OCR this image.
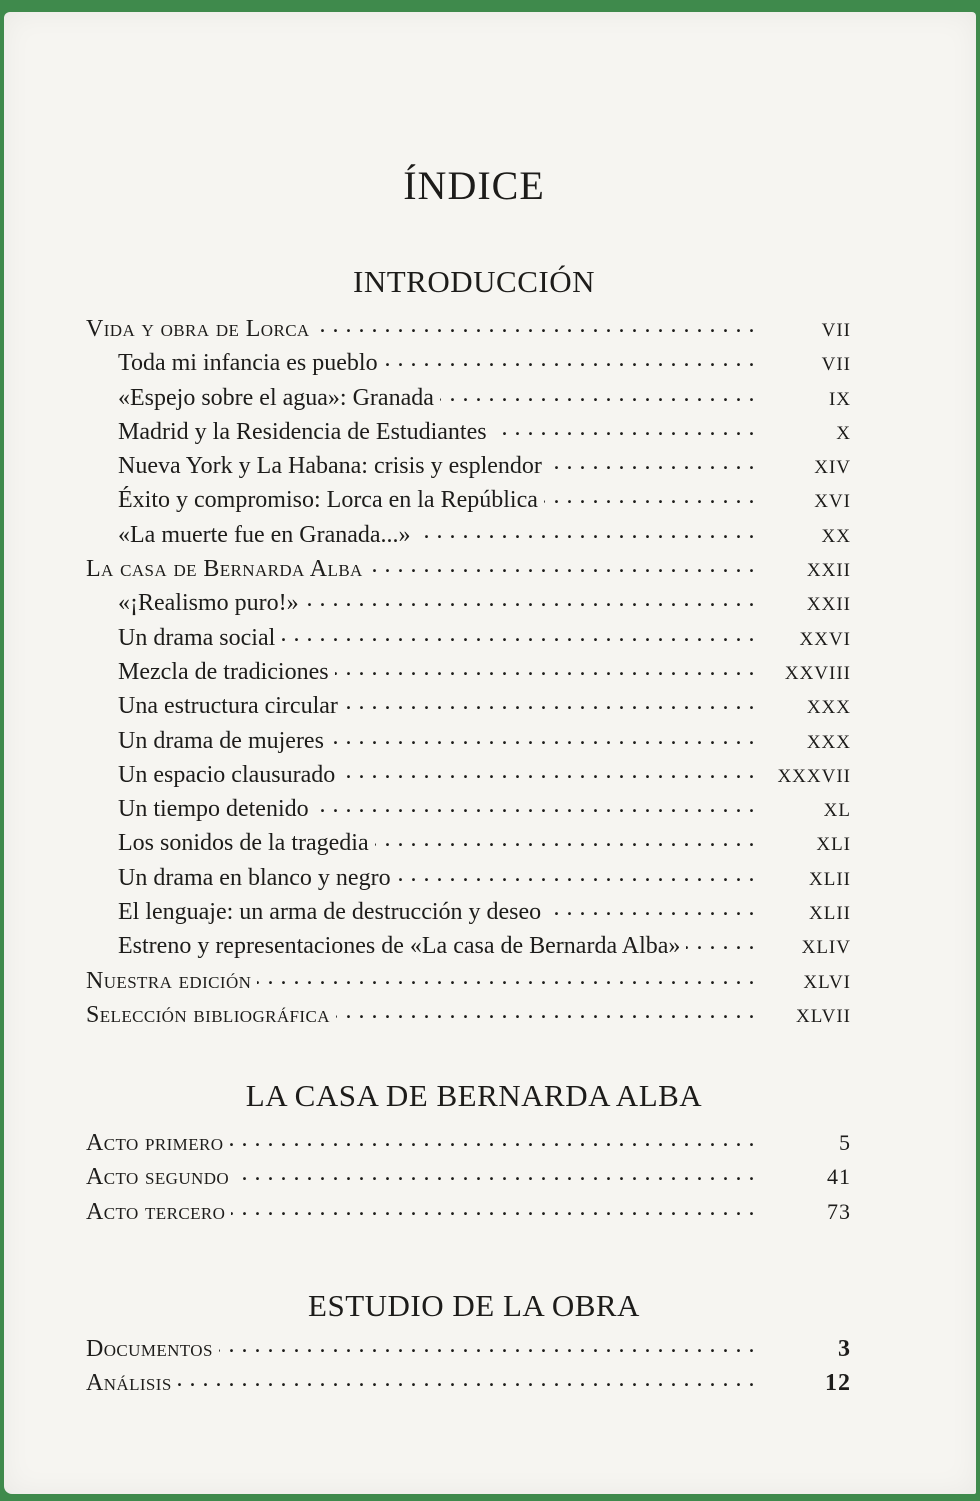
ÍNDICE
INTRODUCCIÓN
Vida y obra de Lorca . . .	VII
Toda mi infancia es pueblo . . .	VII
«Espejo sobre el agua»: Granada . . .	IX
Madrid y la Residencia de Estudiantes . . .	X
Nueva York y La Habana: crisis y esplendor . . .	XIV
Éxito y compromiso: Lorca en la República . . .	XVI
«La muerte fue en Granada...» . . .	XX
La casa de Bernarda Alba . . .	XXII
«¡Realismo puro!» . . .	XXII
Un drama social . . .	XXVI
Mezcla de tradiciones . . .	XXVIII
Una estructura circular . . .	XXX
Un drama de mujeres . . .	XXX
Un espacio clausurado . . .	XXXVII
Un tiempo detenido . . .	XL
Los sonidos de la tragedia . . .	XLI
Un drama en blanco y negro . . .	XLII
El lenguaje: un arma de destrucción y deseo . . .	XLII
Estreno y representaciones de «La casa de Bernarda Alba» . . .	XLIV
Nuestra edición . . .	XLVI
Selección bibliográfica . . .	XLVII
LA CASA DE BERNARDA ALBA
Acto primero . . .	5
Acto segundo . . .	41
Acto tercero . . .	73
ESTUDIO DE LA OBRA
Documentos . . .	3
Análisis . . .	12
